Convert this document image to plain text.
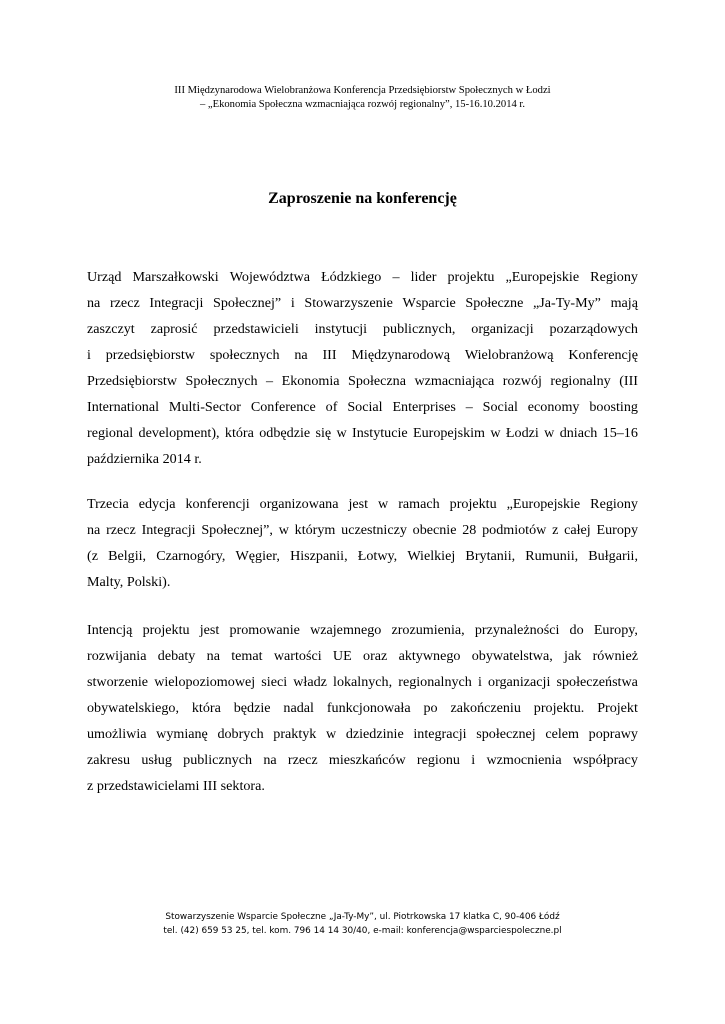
III Międzynarodowa Wielobranżowa Konferencja Przedsiębiorstw Społecznych w Łodzi
– „Ekonomia Społeczna wzmacniająca rozwój regionalny”, 15-16.10.2014 r.
Zaproszenie na konferencję
Urząd Marszałkowski Województwa Łódzkiego – lider projektu „Europejskie Regiony
na rzecz Integracji Społecznej” i Stowarzyszenie Wsparcie Społeczne „Ja-Ty-My” mają
zaszczyt zaprosić przedstawicieli instytucji publicznych, organizacji pozarządowych
i przedsiębiorstw społecznych na III Międzynarodową Wielobranżową Konferencję
Przedsiębiorstw Społecznych – Ekonomia Społeczna wzmacniająca rozwój regionalny (III
International Multi-Sector Conference of Social Enterprises – Social economy boosting
regional development), która odbędzie się w Instytucie Europejskim w Łodzi w dniach 15–16
października 2014 r.
Trzecia edycja konferencji organizowana jest w ramach projektu „Europejskie Regiony
na rzecz Integracji Społecznej”, w którym uczestniczy obecnie 28 podmiotów z całej Europy
(z Belgii, Czarnogóry, Węgier, Hiszpanii, Łotwy, Wielkiej Brytanii, Rumunii, Bułgarii,
Malty, Polski).
Intencją projektu jest promowanie wzajemnego zrozumienia, przynależności do Europy,
rozwijania debaty na temat wartości UE oraz aktywnego obywatelstwa, jak również
stworzenie wielopoziomowej sieci władz lokalnych, regionalnych i organizacji społeczeństwa
obywatelskiego, która będzie nadal funkcjonowała po zakończeniu projektu. Projekt
umożliwia wymianę dobrych praktyk w dziedzinie integracji społecznej celem poprawy
zakresu usług publicznych na rzecz mieszkańców regionu i wzmocnienia współpracy
z przedstawicielami III sektora.
Stowarzyszenie Wsparcie Społeczne „Ja-Ty-My”, ul. Piotrkowska 17 klatka C, 90-406 Łódź
tel. (42) 659 53 25, tel. kom. 796 14 14 30/40, e-mail: konferencja@wsparciespoleczne.pl
